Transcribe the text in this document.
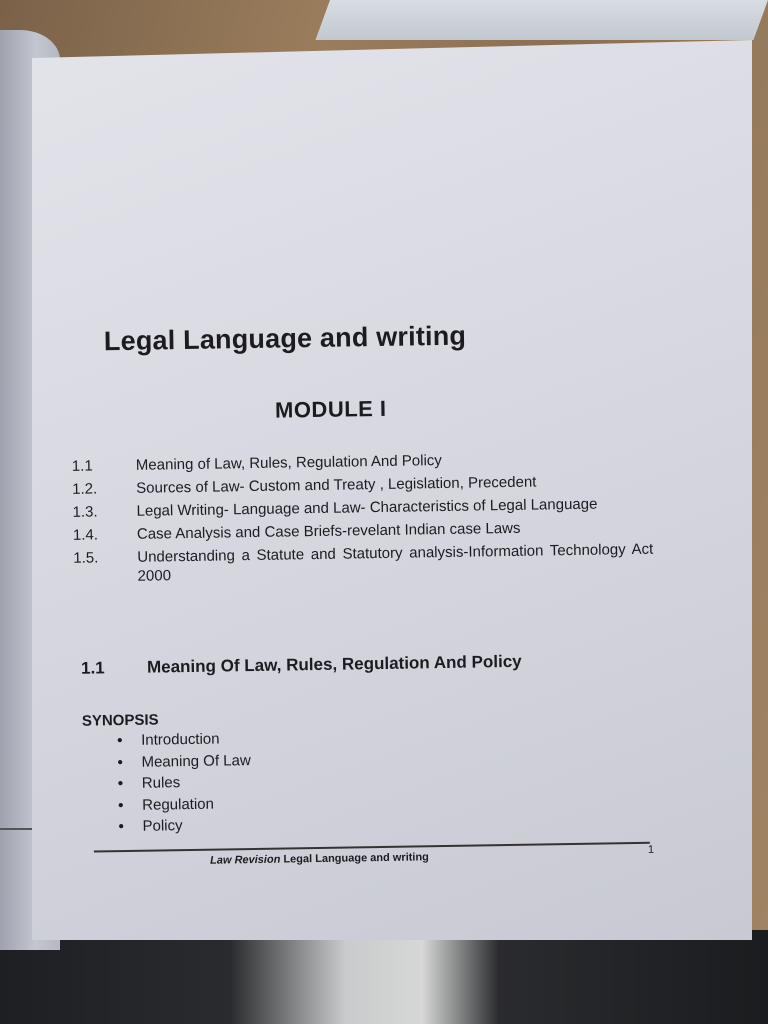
Legal Language and writing
MODULE I
1.1	Meaning of Law, Rules, Regulation And Policy
1.2.	Sources of Law- Custom and Treaty , Legislation, Precedent
1.3.	Legal Writing- Language and Law- Characteristics of Legal Language
1.4.	Case Analysis and Case Briefs-revelant Indian case Laws
1.5.	Understanding a Statute and Statutory analysis-Information Technology Act 2000
1.1	Meaning Of Law, Rules, Regulation And Policy
SYNOPSIS
•	Introduction
•	Meaning Of Law
•	Rules
•	Regulation
•	Policy
Law Revision Legal Language and writing
1
